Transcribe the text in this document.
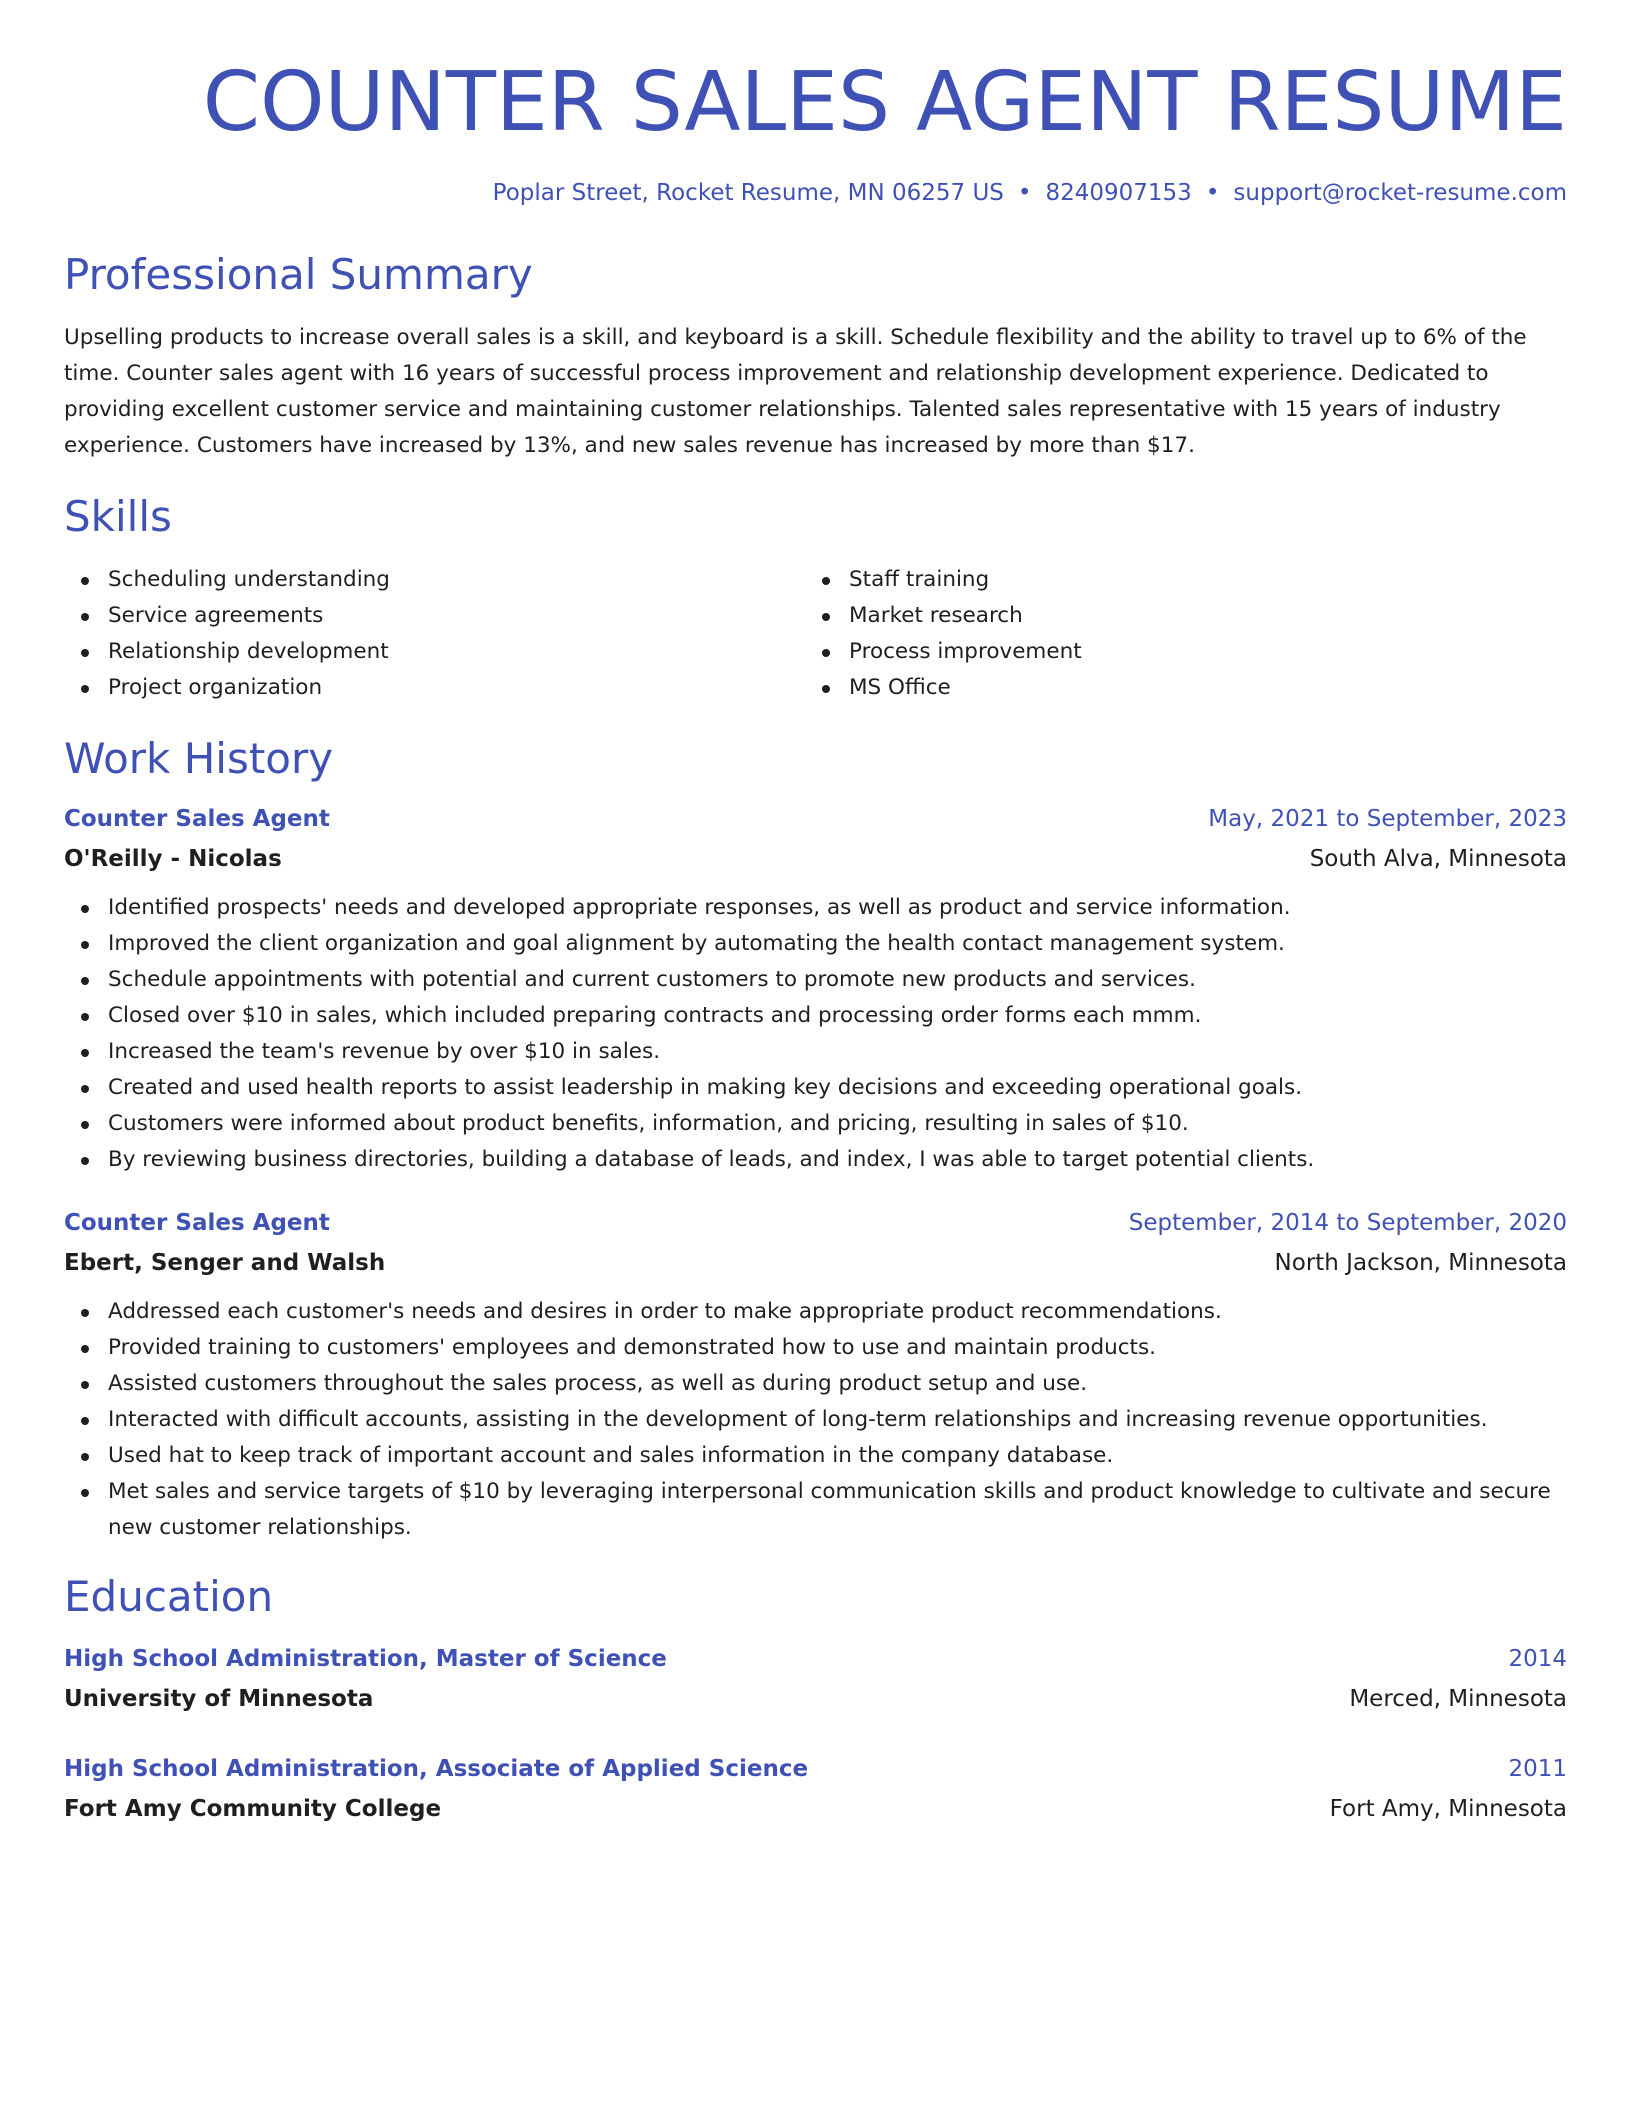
COUNTER SALES AGENT RESUME
Poplar Street, Rocket Resume, MN 06257 US • 8240907153 • support@rocket-resume.com
Professional Summary

Upselling products to increase overall sales is a skill, and keyboard is a skill. Schedule flexibility and the ability to travel up to 6% of the time. Counter sales agent with 16 years of successful process improvement and relationship development experience. Dedicated to providing excellent customer service and maintaining customer relationships. Talented sales representative with 15 years of industry experience. Customers have increased by 13%, and new sales revenue has increased by more than $17.

Skills
Scheduling understanding
Service agreements
Relationship development
Project organization
Staff training
Market research
Process improvement
MS Office
Work History
Counter Sales Agent	May, 2021 to September, 2023
O'Reilly - Nicolas	South Alva, Minnesota
Identified prospects' needs and developed appropriate responses, as well as product and service information.
Improved the client organization and goal alignment by automating the health contact management system.
Schedule appointments with potential and current customers to promote new products and services.
Closed over $10 in sales, which included preparing contracts and processing order forms each mmm.
Increased the team's revenue by over $10 in sales.
Created and used health reports to assist leadership in making key decisions and exceeding operational goals.
Customers were informed about product benefits, information, and pricing, resulting in sales of $10.
By reviewing business directories, building a database of leads, and index, I was able to target potential clients.
Counter Sales Agent	September, 2014 to September, 2020
Ebert, Senger and Walsh	North Jackson, Minnesota
Addressed each customer's needs and desires in order to make appropriate product recommendations.
Provided training to customers' employees and demonstrated how to use and maintain products.
Assisted customers throughout the sales process, as well as during product setup and use.
Interacted with difficult accounts, assisting in the development of long-term relationships and increasing revenue opportunities.
Used hat to keep track of important account and sales information in the company database.
Met sales and service targets of $10 by leveraging interpersonal communication skills and product knowledge to cultivate and secure new customer relationships.
Education
High School Administration, Master of Science	2014
University of Minnesota	Merced, Minnesota
High School Administration, Associate of Applied Science	2011
Fort Amy Community College	Fort Amy, Minnesota
